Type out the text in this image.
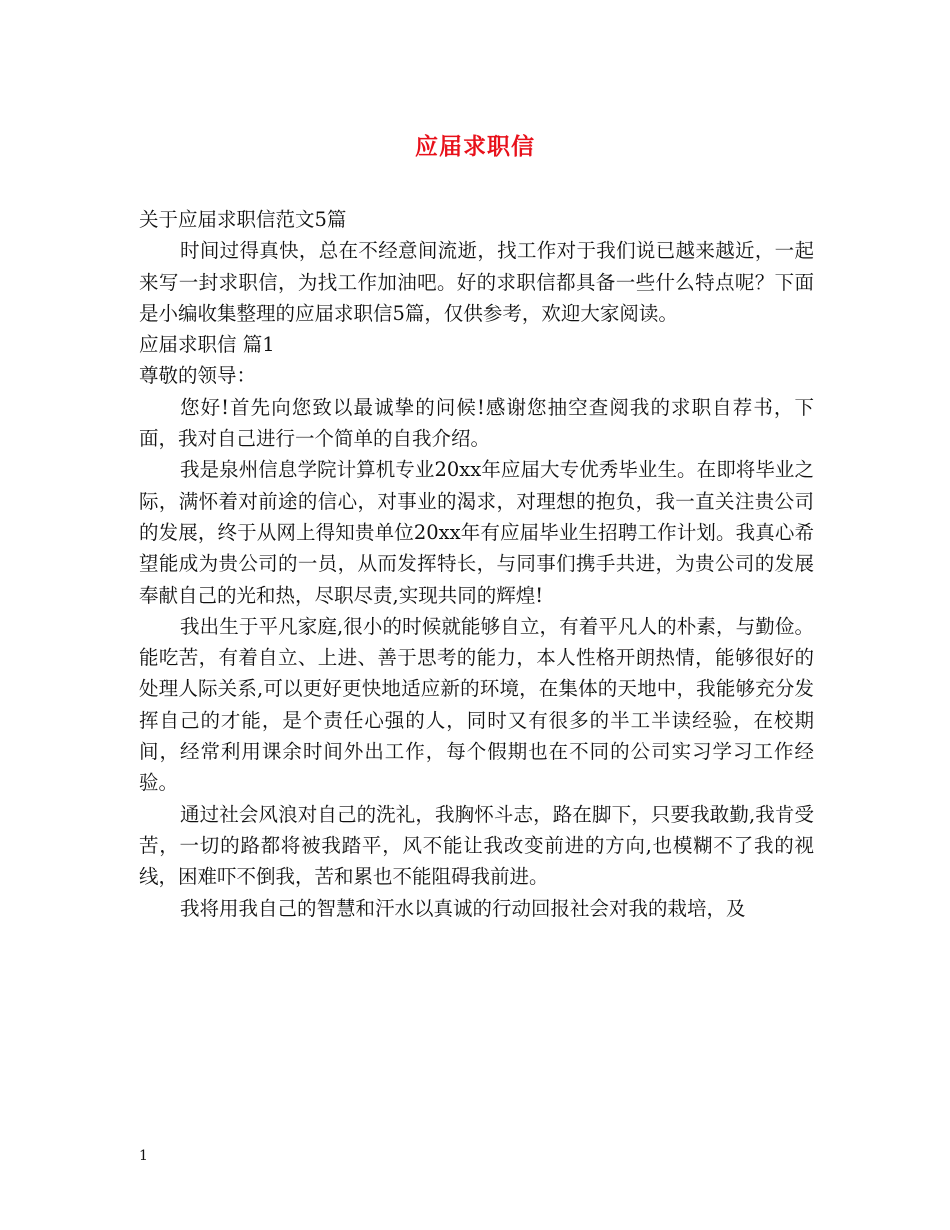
应届求职信

关于应届求职信范文5篇

时间过得真快，总在不经意间流逝，找工作对于我们说已越来越近，一起来写一封求职信，为找工作加油吧。好的求职信都具备一些什么特点呢？下面是小编收集整理的应届求职信5篇，仅供参考，欢迎大家阅读。

应届求职信 篇1

尊敬的领导：

您好!首先向您致以最诚挚的问候!感谢您抽空查阅我的求职自荐书，下面，我对自己进行一个简单的自我介绍。

我是泉州信息学院计算机专业20xx年应届大专优秀毕业生。在即将毕业之际，满怀着对前途的信心，对事业的渴求，对理想的抱负，我一直关注贵公司的发展，终于从网上得知贵单位20xx年有应届毕业生招聘工作计划。我真心希望能成为贵公司的一员，从而发挥特长，与同事们携手共进，为贵公司的发展奉献自己的光和热，尽职尽责,实现共同的辉煌!

我出生于平凡家庭,很小的时候就能够自立，有着平凡人的朴素，与勤俭。能吃苦，有着自立、上进、善于思考的能力，本人性格开朗热情，能够很好的处理人际关系,可以更好更快地适应新的环境，在集体的天地中，我能够充分发挥自己的才能，是个责任心强的人，同时又有很多的半工半读经验，在校期间，经常利用课余时间外出工作，每个假期也在不同的公司实习学习工作经验。

通过社会风浪对自己的洗礼，我胸怀斗志，路在脚下，只要我敢勤,我肯受苦，一切的路都将被我踏平，风不能让我改变前进的方向,也模糊不了我的视线，困难吓不倒我，苦和累也不能阻碍我前进。

我将用我自己的智慧和汗水以真诚的行动回报社会对我的栽培，及

1
